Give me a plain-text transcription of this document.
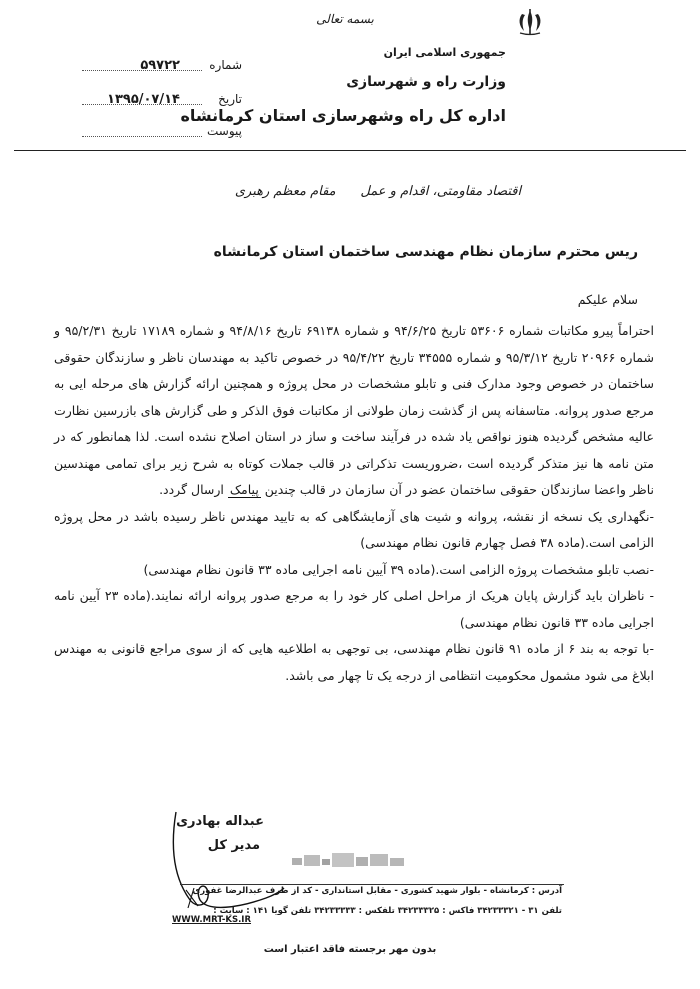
بسمه تعالی
جمهوری اسلامی ایران
وزارت راه و شهرسازی
اداره کل راه وشهرسازی استان کرمانشاه
شماره
۵۹۷۲۲
تاریخ
۱۳۹۵/۰۷/۱۴
پیوست
اقتصاد مقاومتی، اقدام و عمل      مقام معظم رهبری
ریس محترم سازمان نظام مهندسی ساختمان استان کرمانشاه
سلام علیکم

احتراماً پیرو مکاتبات شماره ۵۳۶۰۶ تاریخ ۹۴/۶/۲۵ و شماره ۶۹۱۳۸ تاریخ ۹۴/۸/۱۶ و شماره ۱۷۱۸۹ تاریخ ۹۵/۲/۳۱ و شماره ۲۰۹۶۶ تاریخ ۹۵/۳/۱۲ و شماره ۳۴۵۵۵ تاریخ ۹۵/۴/۲۲ در خصوص تاکید به مهندسان ناظر و سازندگان حقوقی ساختمان در خصوص وجود مدارک فنی و تابلو مشخصات در محل پروژه و همچنین ارائه گزارش های مرحله ایی به مرجع صدور پروانه. متاسفانه پس از گذشت زمان طولانی از مکاتبات فوق الذکر و طی گزارش های بازرسین نظارت عالیه مشخص گردیده هنوز نواقص یاد شده در فرآیند ساخت و ساز در استان اصلاح نشده است. لذا همانطور که در متن نامه ها نیز متذکر گردیده است ،ضروریست تذکراتی در قالب جملات کوتاه به شرح زیر برای تمامی مهندسین ناظر واعضا سازندگان حقوقی ساختمان عضو در آن سازمان در قالب چندین پیامک ارسال گردد.

-نگهداری یک نسخه از نقشه، پروانه و شیت های آزمایشگاهی که به تایید مهندس ناظر رسیده باشد در محل پروژه الزامی است.(ماده ۳۸ فصل چهارم قانون نظام مهندسی)

-نصب تابلو مشخصات پروژه الزامی است.(ماده ۳۹ آیین نامه اجرایی ماده ۳۳ قانون نظام مهندسی)

- ناظران باید گزارش پایان هریک از مراحل اصلی کار خود را به مرجع صدور پروانه ارائه نمایند.(ماده ۲۳ آیین نامه اجرایی ماده ۳۳ قانون نظام مهندسی)

-با توجه به بند ۶ از ماده ۹۱ قانون نظام مهندسی، بی توجهی به اطلاعیه هایی که از سوی مراجع قانونی به مهندس ابلاغ می شود مشمول محکومیت انتظامی از درجه یک تا چهار می باشد.

عبداله بهادری
مدیر کل
آدرس : کرمانشاه - بلوار شهید کشوری - مقابل استانداری - کد از طرف عبدالرضا غفوری
تلفن ۳۱ - ۳۴۲۳۳۳۲۱ فاکس : ۳۴۲۳۳۳۲۵ تلفکس : ۳۴۲۳۳۳۳۳ تلفن گویا ۱۴۱ : سایت :
WWW.MRT-KS.IR
بدون مهر برجسته فاقد اعتبار است
